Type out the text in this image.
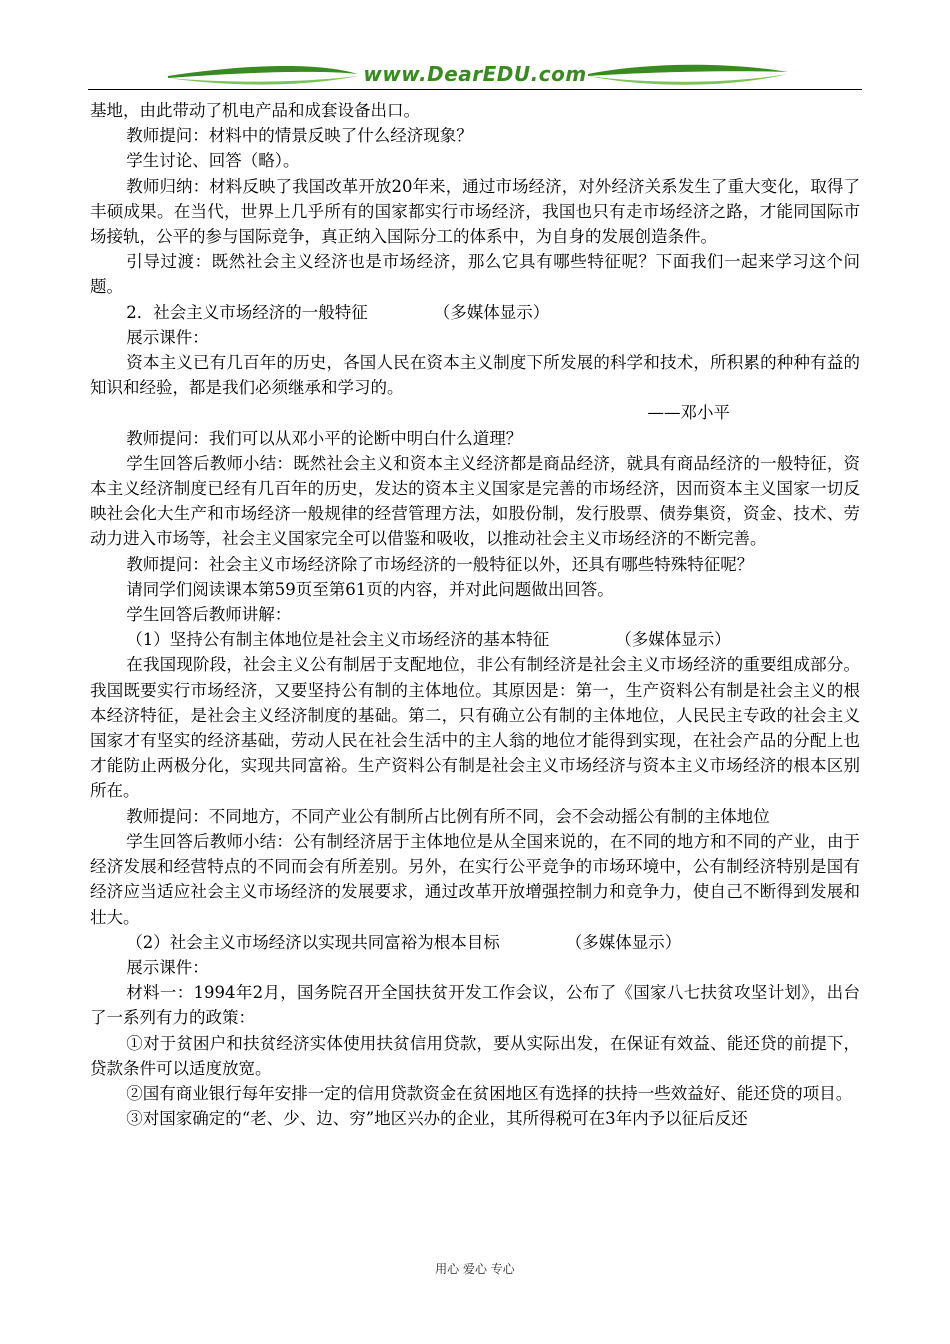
www.DearEDU.com

基地，由此带动了机电产品和成套设备出口。

教师提问：材料中的情景反映了什么经济现象？

学生讨论、回答（略）。

教师归纳：材料反映了我国改革开放20年来，通过市场经济，对外经济关系发生了重大变化，取得了丰硕成果。在当代，世界上几乎所有的国家都实行市场经济，我国也只有走市场经济之路，才能同国际市场接轨，公平的参与国际竞争，真正纳入国际分工的体系中，为自身的发展创造条件。

引导过渡：既然社会主义经济也是市场经济，那么它具有哪些特征呢？下面我们一起来学习这个问题。

2．社会主义市场经济的一般特征	（多媒体显示）

展示课件：

资本主义已有几百年的历史，各国人民在资本主义制度下所发展的科学和技术，所积累的种种有益的知识和经验，都是我们必须继承和学习的。

——邓小平

教师提问：我们可以从邓小平的论断中明白什么道理？

学生回答后教师小结：既然社会主义和资本主义经济都是商品经济，就具有商品经济的一般特征，资本主义经济制度已经有几百年的历史，发达的资本主义国家是完善的市场经济，因而资本主义国家一切反映社会化大生产和市场经济一般规律的经营管理方法，如股份制，发行股票、债券集资，资金、技术、劳动力进入市场等，社会主义国家完全可以借鉴和吸收，以推动社会主义市场经济的不断完善。

教师提问：社会主义市场经济除了市场经济的一般特征以外，还具有哪些特殊特征呢？

请同学们阅读课本第59页至第61页的内容，并对此问题做出回答。

学生回答后教师讲解：

（1）坚持公有制主体地位是社会主义市场经济的基本特征	（多媒体显示）

在我国现阶段，社会主义公有制居于支配地位，非公有制经济是社会主义市场经济的重要组成部分。我国既要实行市场经济，又要坚持公有制的主体地位。其原因是：第一，生产资料公有制是社会主义的根本经济特征，是社会主义经济制度的基础。第二，只有确立公有制的主体地位，人民民主专政的社会主义国家才有坚实的经济基础，劳动人民在社会生活中的主人翁的地位才能得到实现，在社会产品的分配上也才能防止两极分化，实现共同富裕。生产资料公有制是社会主义市场经济与资本主义市场经济的根本区别所在。

教师提问：不同地方，不同产业公有制所占比例有所不同，会不会动摇公有制的主体地位

学生回答后教师小结：公有制经济居于主体地位是从全国来说的，在不同的地方和不同的产业，由于经济发展和经营特点的不同而会有所差别。另外，在实行公平竞争的市场环境中，公有制经济特别是国有经济应当适应社会主义市场经济的发展要求，通过改革开放增强控制力和竞争力，使自己不断得到发展和壮大。

（2）社会主义市场经济以实现共同富裕为根本目标	（多媒体显示）

展示课件：

材料一：1994年2月，国务院召开全国扶贫开发工作会议，公布了《国家八七扶贫攻坚计划》，出台了一系列有力的政策：

①对于贫困户和扶贫经济实体使用扶贫信用贷款，要从实际出发，在保证有效益、能还贷的前提下，贷款条件可以适度放宽。

②国有商业银行每年安排一定的信用贷款资金在贫困地区有选择的扶持一些效益好、能还贷的项目。

③对国家确定的“老、少、边、穷”地区兴办的企业，其所得税可在3年内予以征后反还

用心 爱心 专心
